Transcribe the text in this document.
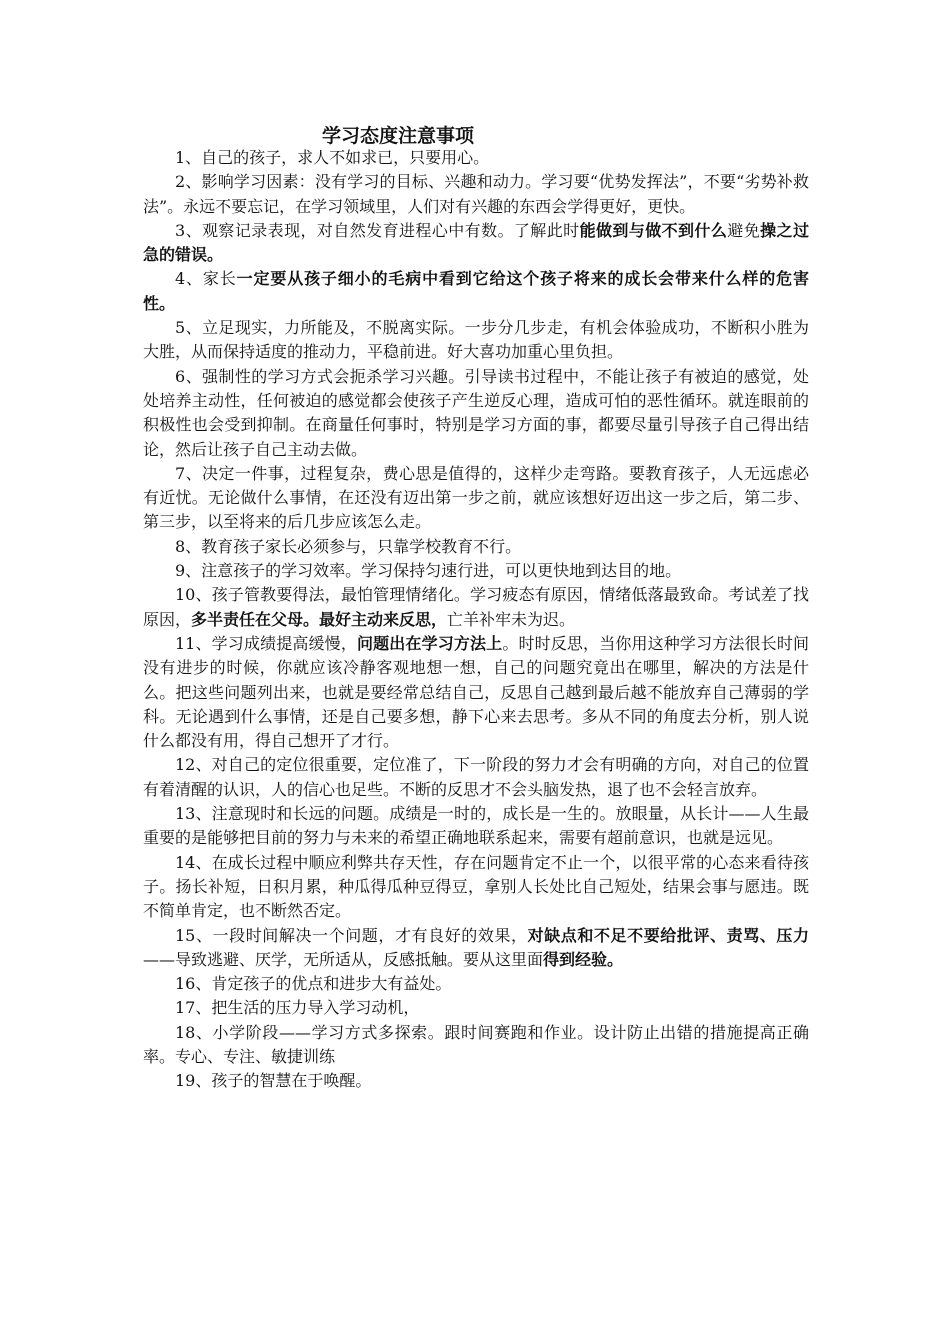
学习态度注意事项

1、自己的孩子，求人不如求已，只要用心。

2、影响学习因素：没有学习的目标、兴趣和动力。学习要“优势发挥法”，不要“劣势补救法”。永远不要忘记，在学习领域里，人们对有兴趣的东西会学得更好，更快。

3、观察记录表现，对自然发育进程心中有数。了解此时能做到与做不到什么避免操之过急的错误。

4、家长一定要从孩子细小的毛病中看到它给这个孩子将来的成长会带来什么样的危害性。

5、立足现实，力所能及，不脱离实际。一步分几步走，有机会体验成功，不断积小胜为大胜，从而保持适度的推动力，平稳前进。好大喜功加重心里负担。

6、强制性的学习方式会扼杀学习兴趣。引导读书过程中，不能让孩子有被迫的感觉，处处培养主动性，任何被迫的感觉都会使孩子产生逆反心理，造成可怕的恶性循环。就连眼前的积极性也会受到抑制。在商量任何事时，特别是学习方面的事，都要尽量引导孩子自己得出结论，然后让孩子自己主动去做。

7、决定一件事，过程复杂，费心思是值得的，这样少走弯路。要教育孩子，人无远虑必有近忧。无论做什么事情，在还没有迈出第一步之前，就应该想好迈出这一步之后，第二步、第三步，以至将来的后几步应该怎么走。

8、教育孩子家长必须参与，只靠学校教育不行。

9、注意孩子的学习效率。学习保持匀速行进，可以更快地到达目的地。

10、孩子管教要得法，最怕管理情绪化。学习疲态有原因，情绪低落最致命。考试差了找原因，多半责任在父母。最好主动来反思，亡羊补牢未为迟。

11、学习成绩提高缓慢，问题出在学习方法上。时时反思，当你用这种学习方法很长时间没有进步的时候，你就应该冷静客观地想一想，自己的问题究竟出在哪里，解决的方法是什么。把这些问题列出来，也就是要经常总结自己，反思自己越到最后越不能放弃自己薄弱的学科。无论遇到什么事情，还是自己要多想，静下心来去思考。多从不同的角度去分析，别人说什么都没有用，得自己想开了才行。

12、对自己的定位很重要，定位准了，下一阶段的努力才会有明确的方向，对自己的位置有着清醒的认识，人的信心也足些。不断的反思才不会头脑发热，退了也不会轻言放弃。

13、注意现时和长远的问题。成绩是一时的，成长是一生的。放眼量，从长计——人生最重要的是能够把目前的努力与未来的希望正确地联系起来，需要有超前意识，也就是远见。

14、在成长过程中顺应利弊共存天性，存在问题肯定不止一个，以很平常的心态来看待孩子。扬长补短，日积月累，种瓜得瓜种豆得豆，拿别人长处比自己短处，结果会事与愿违。既不简单肯定，也不断然否定。

15、一段时间解决一个问题，才有良好的效果，对缺点和不足不要给批评、责骂、压力——导致逃避、厌学，无所适从，反感抵触。要从这里面得到经验。

16、肯定孩子的优点和进步大有益处。

17、把生活的压力导入学习动机，

18、小学阶段——学习方式多探索。跟时间赛跑和作业。设计防止出错的措施提高正确率。专心、专注、敏捷训练

19、孩子的智慧在于唤醒。
